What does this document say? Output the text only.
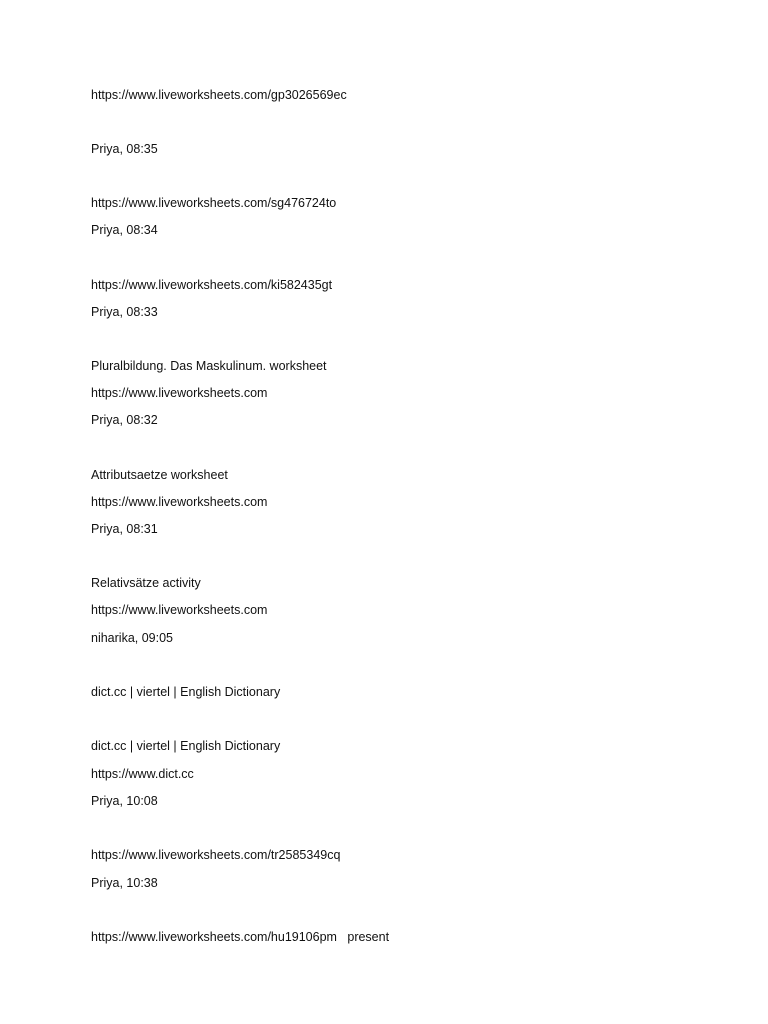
https://www.liveworksheets.com/gp3026569ec
Priya, 08:35
https://www.liveworksheets.com/sg476724to
Priya, 08:34
https://www.liveworksheets.com/ki582435gt
Priya, 08:33
Pluralbildung. Das Maskulinum. worksheet
https://www.liveworksheets.com
Priya, 08:32
Attributsaetze worksheet
https://www.liveworksheets.com
Priya, 08:31
Relativsätze activity
https://www.liveworksheets.com
niharika, 09:05
dict.cc | viertel | English Dictionary
dict.cc | viertel | English Dictionary
https://www.dict.cc
Priya, 10:08
https://www.liveworksheets.com/tr2585349cq
Priya, 10:38
https://www.liveworksheets.com/hu19106pm   present
